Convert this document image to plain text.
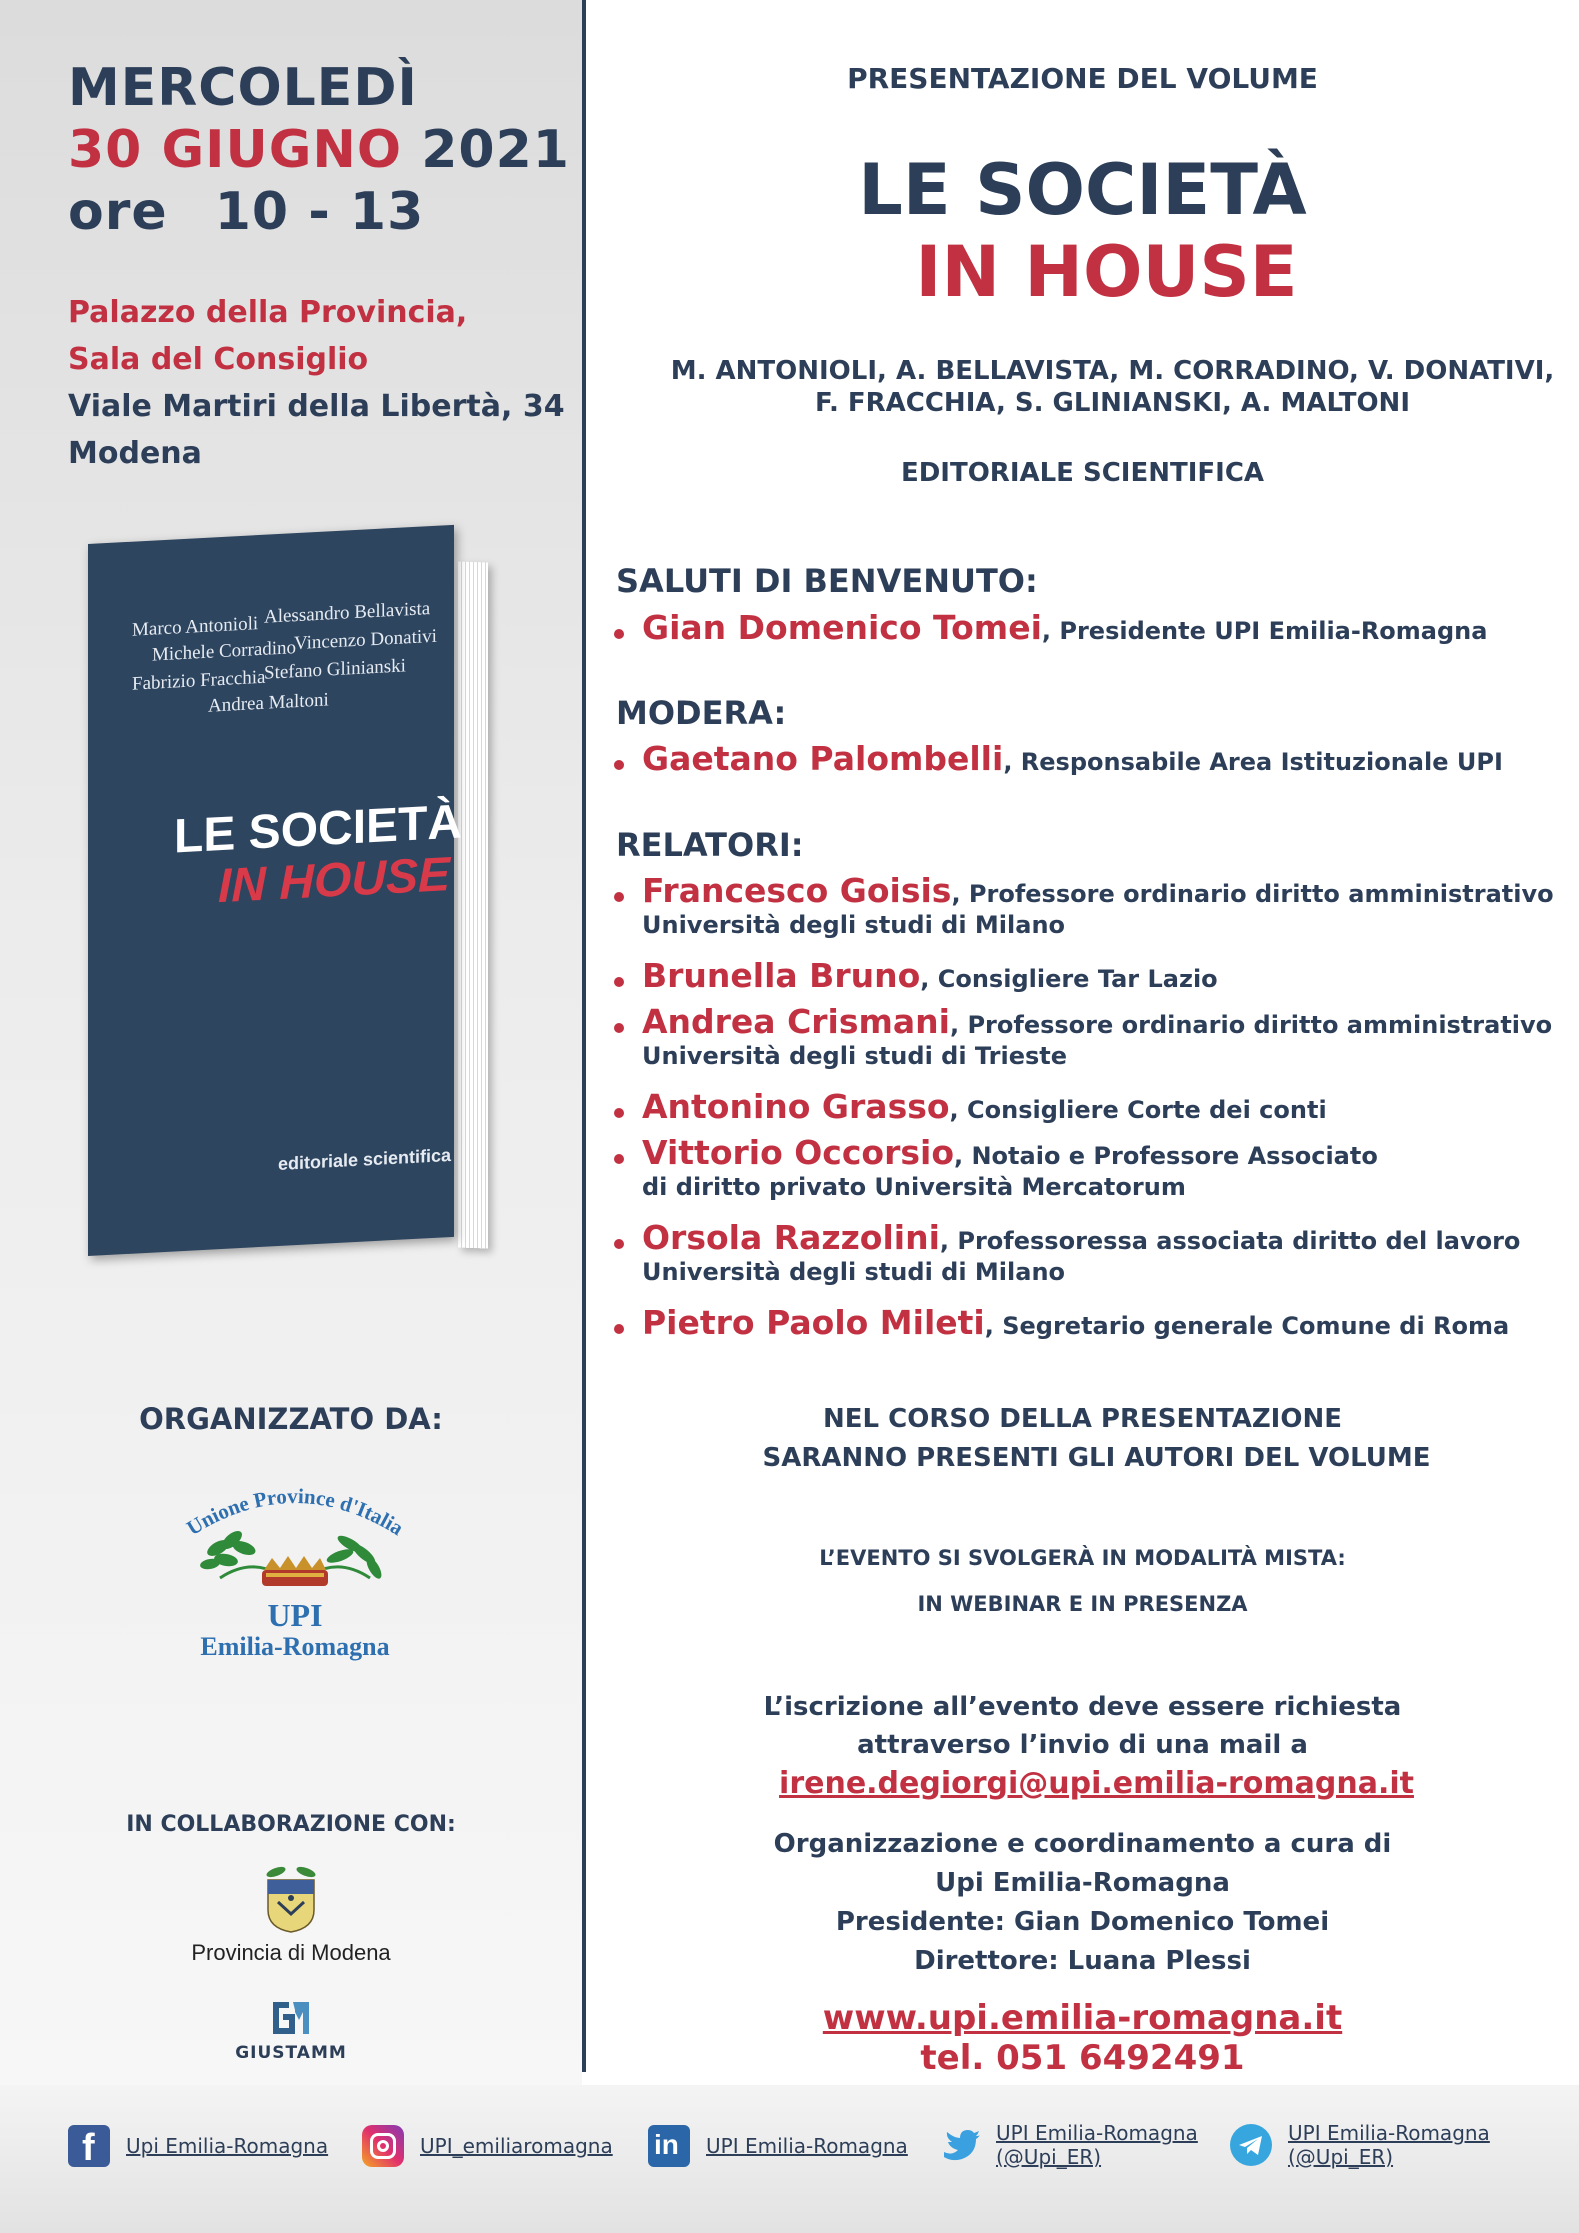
MERCOLEDÌ
30 GIUGNO 2021
ore 10 - 13
Palazzo della Provincia,
Sala del Consiglio
Viale Martiri della Libertà, 34
Modena
Marco Antonioli Alessandro Bellavista
Michele Corradino
Vincenzo Donativi
Fabrizio Fracchia
Stefano Glinianski
Andrea Maltoni
LE SOCIETÀ
IN HOUSE
editoriale scientifica
ORGANIZZATO DA:
Unione Province d'Italia
UPI
Emilia-Romagna
IN COLLABORAZIONE CON:
Provincia di Modena
GIUSTAMM
PRESENTAZIONE DEL VOLUME
LE SOCIETÀ
IN HOUSE
M. ANTONIOLI, A. BELLAVISTA, M. CORRADINO, V. DONATIVI,
F. FRACCHIA, S. GLINIANSKI, A. MALTONI
EDITORIALE SCIENTIFICA
SALUTI DI BENVENUTO:
Gian Domenico Tomei, Presidente UPI Emilia-Romagna
MODERA:
Gaetano Palombelli, Responsabile Area Istituzionale UPI
RELATORI:
Francesco Goisis, Professore ordinario diritto amministrativo
Università degli studi di Milano
Brunella Bruno, Consigliere Tar Lazio
Andrea Crismani, Professore ordinario diritto amministrativo
Università degli studi di Trieste
Antonino Grasso, Consigliere Corte dei conti
Vittorio Occorsio, Notaio e Professore Associato
di diritto privato Università Mercatorum
Orsola Razzolini, Professoressa associata diritto del lavoro
Università degli studi di Milano
Pietro Paolo Mileti, Segretario generale Comune di Roma
NEL CORSO DELLA PRESENTAZIONE
SARANNO PRESENTI GLI AUTORI DEL VOLUME
L’EVENTO SI SVOLGERÀ IN MODALITÀ MISTA:
IN WEBINAR E IN PRESENZA
L’iscrizione all’evento deve essere richiesta
attraverso l’invio di una mail a
irene.degiorgi@upi.emilia-romagna.it
Organizzazione e coordinamento a cura di
Upi Emilia-Romagna
Presidente: Gian Domenico Tomei
Direttore: Luana Plessi
www.upi.emilia-romagna.it
tel. 051 6492491
f Upi Emilia-Romagna	UPI_emiliaromagna in UPI Emilia-Romagna
UPI Emilia-Romagna
(@Upi_ER)
UPI Emilia-Romagna
(@Upi_ER)
